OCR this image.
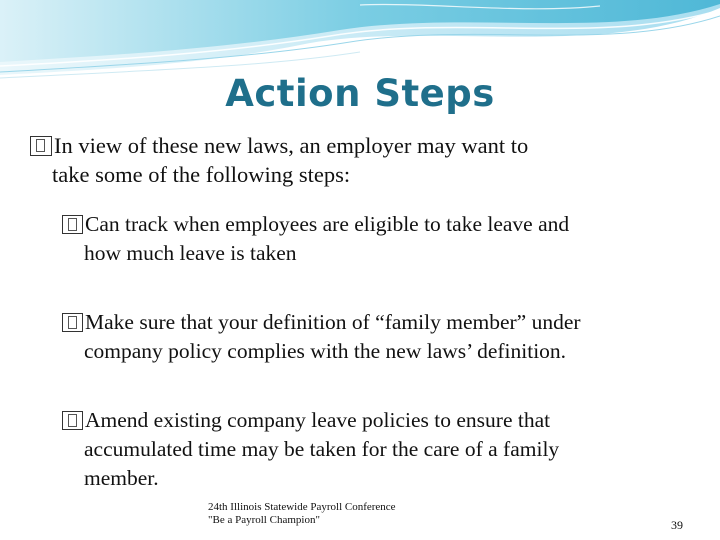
Action Steps
In view of these new laws, an employer may want to
take some of the following steps:
Can track when employees are eligible to take leave and
how much leave is taken
Make sure that your definition of “family member” under
company policy complies with the new laws’ definition.
Amend existing company leave policies to ensure that
accumulated time may be taken for the care of a family
member.
24th Illinois Statewide Payroll Conference
"Be a Payroll Champion"	39
